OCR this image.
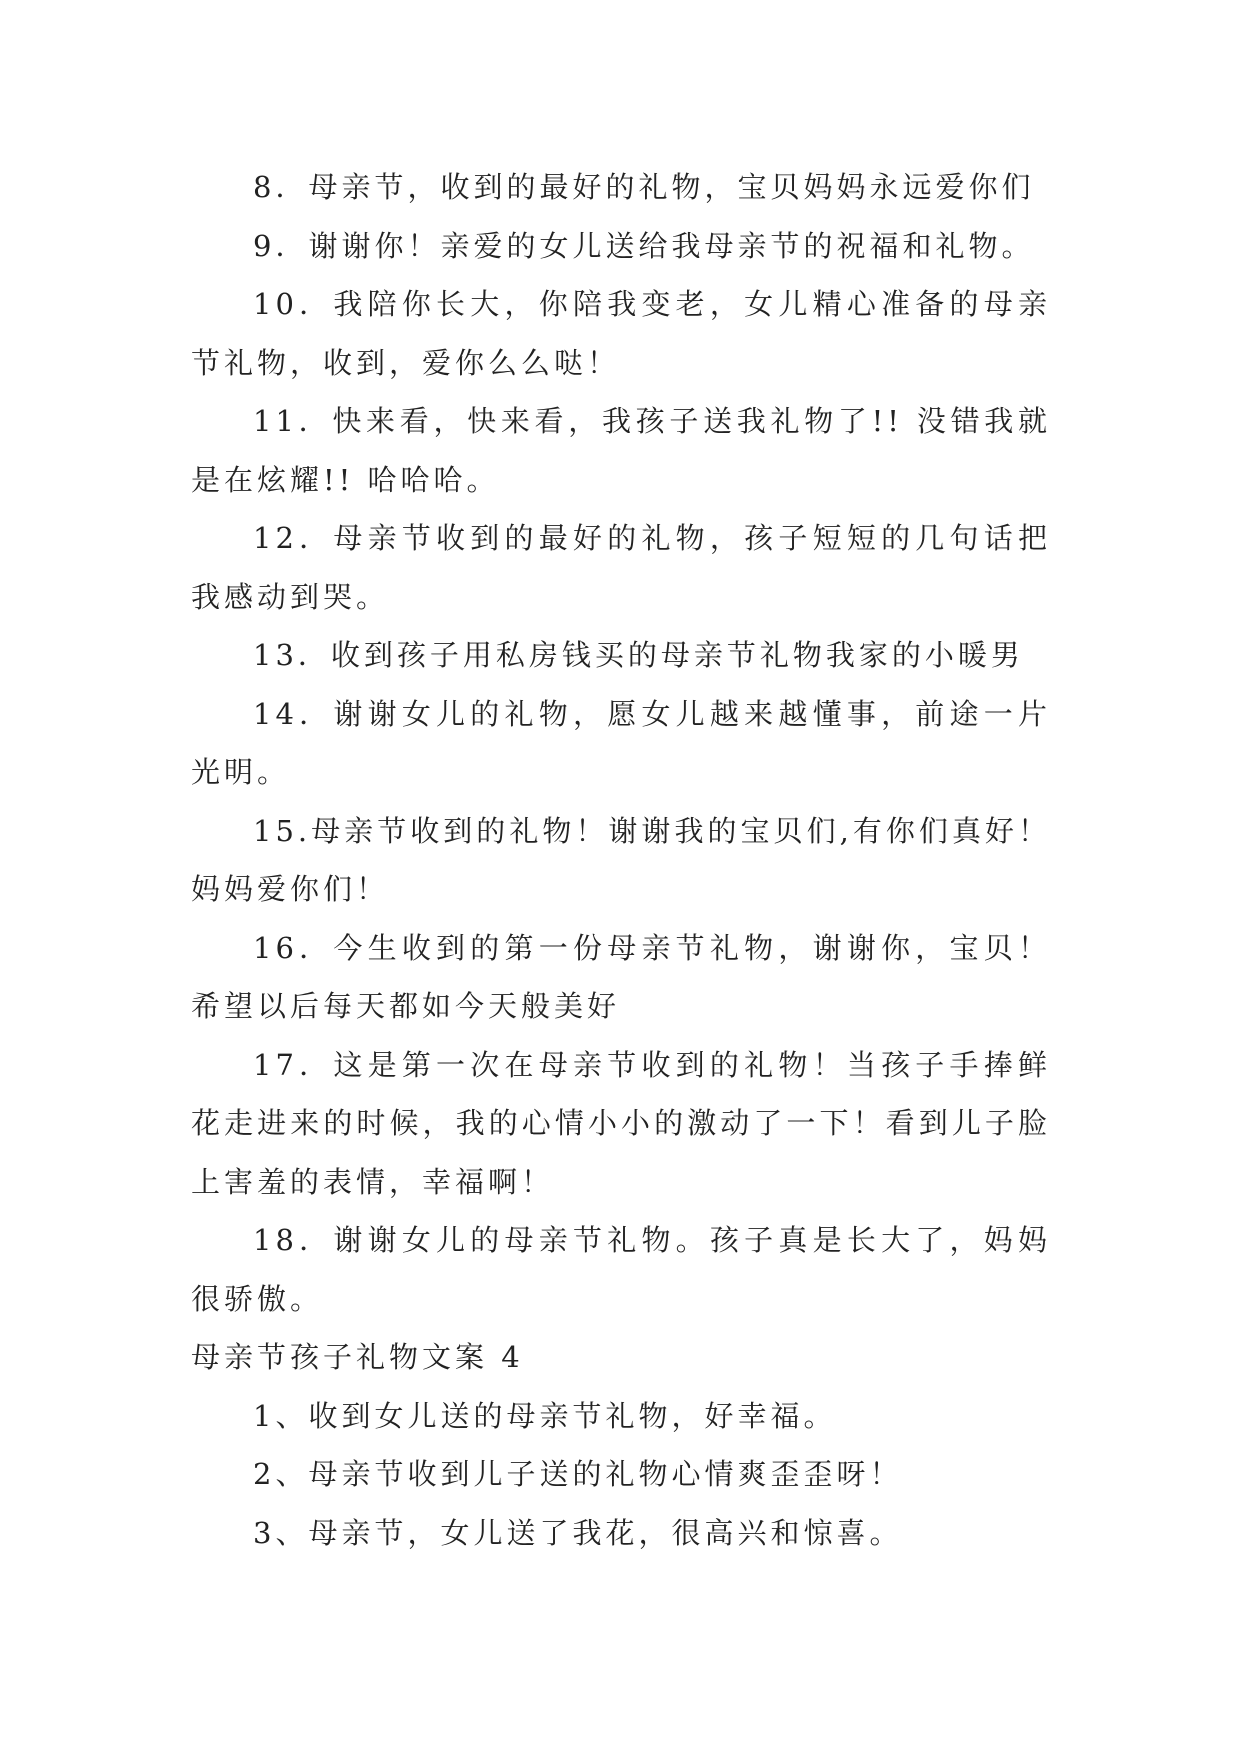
8．母亲节，收到的最好的礼物，宝贝妈妈永远爱你们

9．谢谢你！亲爱的女儿送给我母亲节的祝福和礼物。

10．我陪你长大，你陪我变老，女儿精心准备的母亲节礼物，收到，爱你么么哒！

11．快来看，快来看，我孩子送我礼物了!! 没错我就是在炫耀!! 哈哈哈。

12．母亲节收到的最好的礼物，孩子短短的几句话把我感动到哭。

13．收到孩子用私房钱买的母亲节礼物我家的小暖男

14．谢谢女儿的礼物，愿女儿越来越懂事，前途一片光明。

15.母亲节收到的礼物！谢谢我的宝贝们,有你们真好！妈妈爱你们！

16．今生收到的第一份母亲节礼物，谢谢你，宝贝！希望以后每天都如今天般美好

17．这是第一次在母亲节收到的礼物！当孩子手捧鲜花走进来的时候，我的心情小小的激动了一下！看到儿子脸上害羞的表情，幸福啊！

18．谢谢女儿的母亲节礼物。孩子真是长大了，妈妈很骄傲。

母亲节孩子礼物文案 4

1、收到女儿送的母亲节礼物，好幸福。

2、母亲节收到儿子送的礼物心情爽歪歪呀！

3、母亲节，女儿送了我花，很高兴和惊喜。
